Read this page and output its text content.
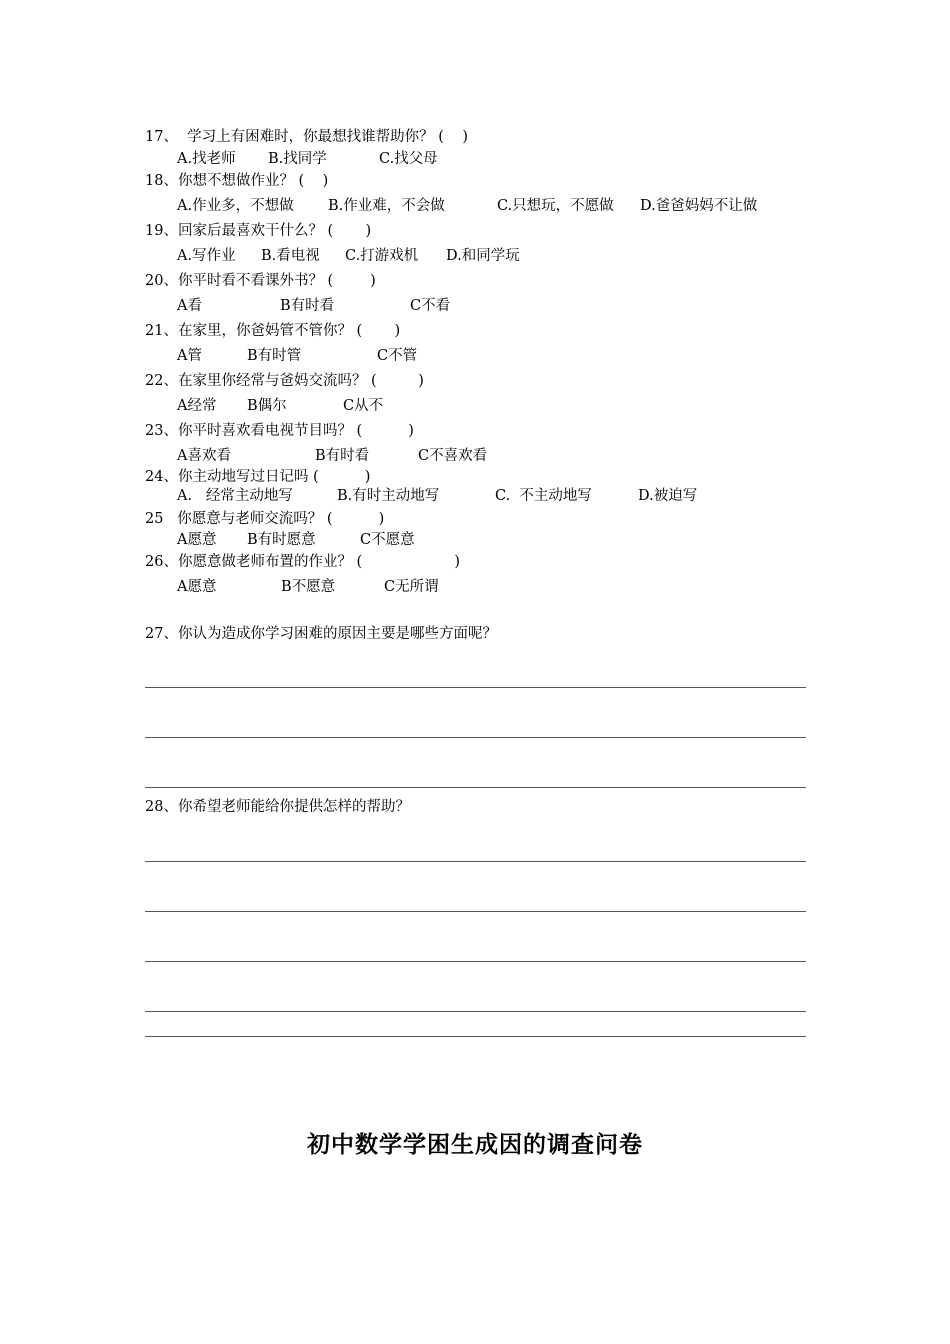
17、  学习上有困难时，你最想找谁帮助你？ (    )
A.找老师 B.找同学	C.找父母
18、你想不想做作业？ (    )
A.作业多，不想做 B.作业难，不会做	C.只想玩，不愿做 D.爸爸妈妈不让做
19、回家后最喜欢干什么？ (       )
A.写作业 B.看电视 C.打游戏机 D.和同学玩
20、你平时看不看课外书？ (        )
A看	B有时看	C不看
21、在家里，你爸妈管不管你？ (       )
A管	B有时管	C不管
22、在家里你经常与爸妈交流吗？ (         )
A经常 B偶尔	C从不
23、你平时喜欢看电视节目吗？ (          )
A喜欢看	B有时看	C不喜欢看
24、你主动地写过日记吗 (          )
A.   经常主动地写	B.有时主动地写	C.  不主动地写	D.被迫写
25   你愿意与老师交流吗？ (          )
A愿意 B有时愿意	C不愿意
26、你愿意做老师布置的作业？ (                    )
A愿意	B不愿意	C无所谓
27、你认为造成你学习困难的原因主要是哪些方面呢？
28、你希望老师能给你提供怎样的帮助？
初中数学学困生成因的调查问卷
